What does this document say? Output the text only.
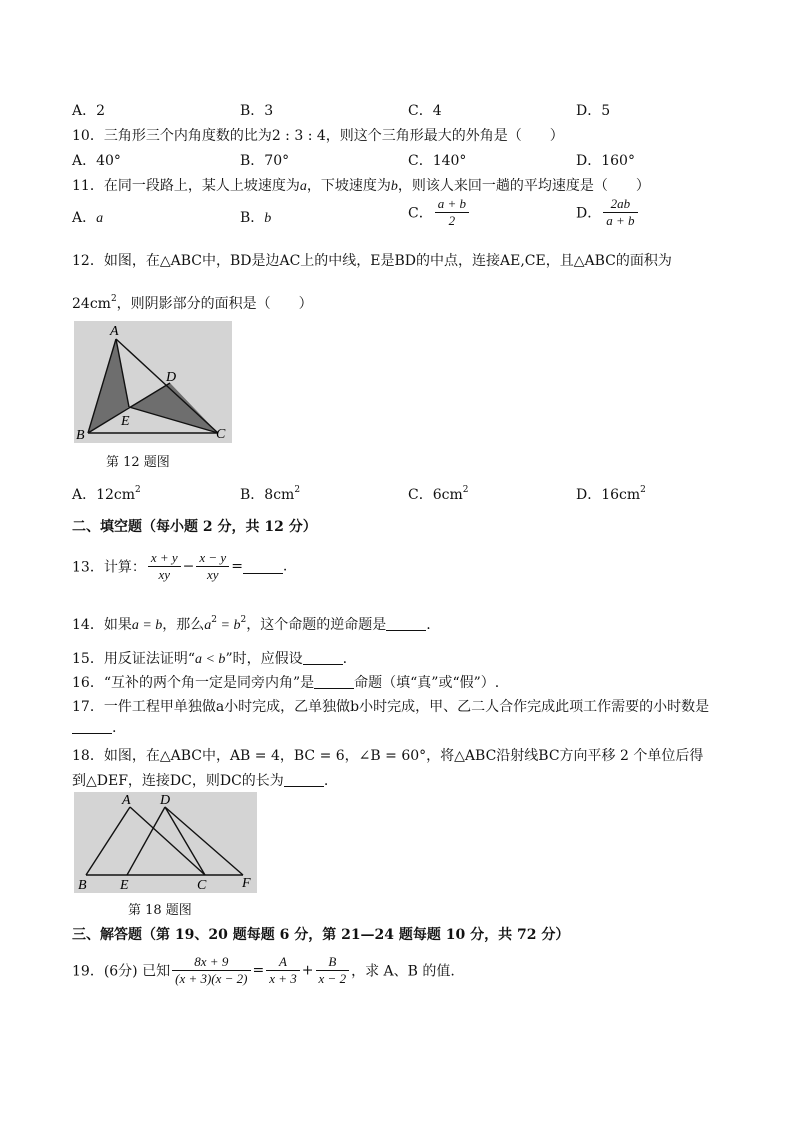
A．2	B．3	C．4	D．5
10．三角形三个内角度数的比为2 : 3 : 4，则这个三角形最大的外角是（　　）
A．40°	B．70°	C．140°	D．160°
11．在同一段路上，某人上坡速度为a，下坡速度为b，则该人来回一趟的平均速度是（　　）
A．a	B．b	C． $\frac{a + b}{2}$	D． $\frac{2ab}{a + b}$
12．如图，在△ABC中，BD是边AC上的中线，E是BD的中点，连接AE,CE，且△ABC的面积为
$24cm^2$，则阴影部分的面积是（　　）
A
B	C
D
E
第 12 题图
A．$12cm^2$	B．$8cm^2$	C．$6cm^2$	D．$16cm^2$
二、填空题（每小题 2 分，共 12 分）
13．计算： $\frac{x + y}{xy} - \frac{x - y}{xy}$ =	.
14．如果a = b，那么$a^2 = b^2$，这个命题的逆命题是	.
15．用反证法证明“a < b”时，应假设	.
16．“互补的两个角一定是同旁内角”是	命题（填“真”或“假”）.
17．一件工程甲单独做a小时完成，乙单独做b小时完成，甲、乙二人合作完成此项工作需要的小时数是
.
18．如图，在△ABC中，AB = 4，BC = 6，∠B = 60°，将△ABC沿射线BC方向平移 2 个单位后得
到△DEF，连接DC，则DC的长为	.
A D
B E	C	F
第 18 题图
三、解答题（第 19、20 题每题 6 分，第 21—24 题每题 10 分，共 72 分）
19．(6分) 已知 $\frac{8x + 9}{(x + 3)(x - 2)} = \frac{A}{x + 3} + \frac{B}{x - 2}$ ，求 A、B 的值.
